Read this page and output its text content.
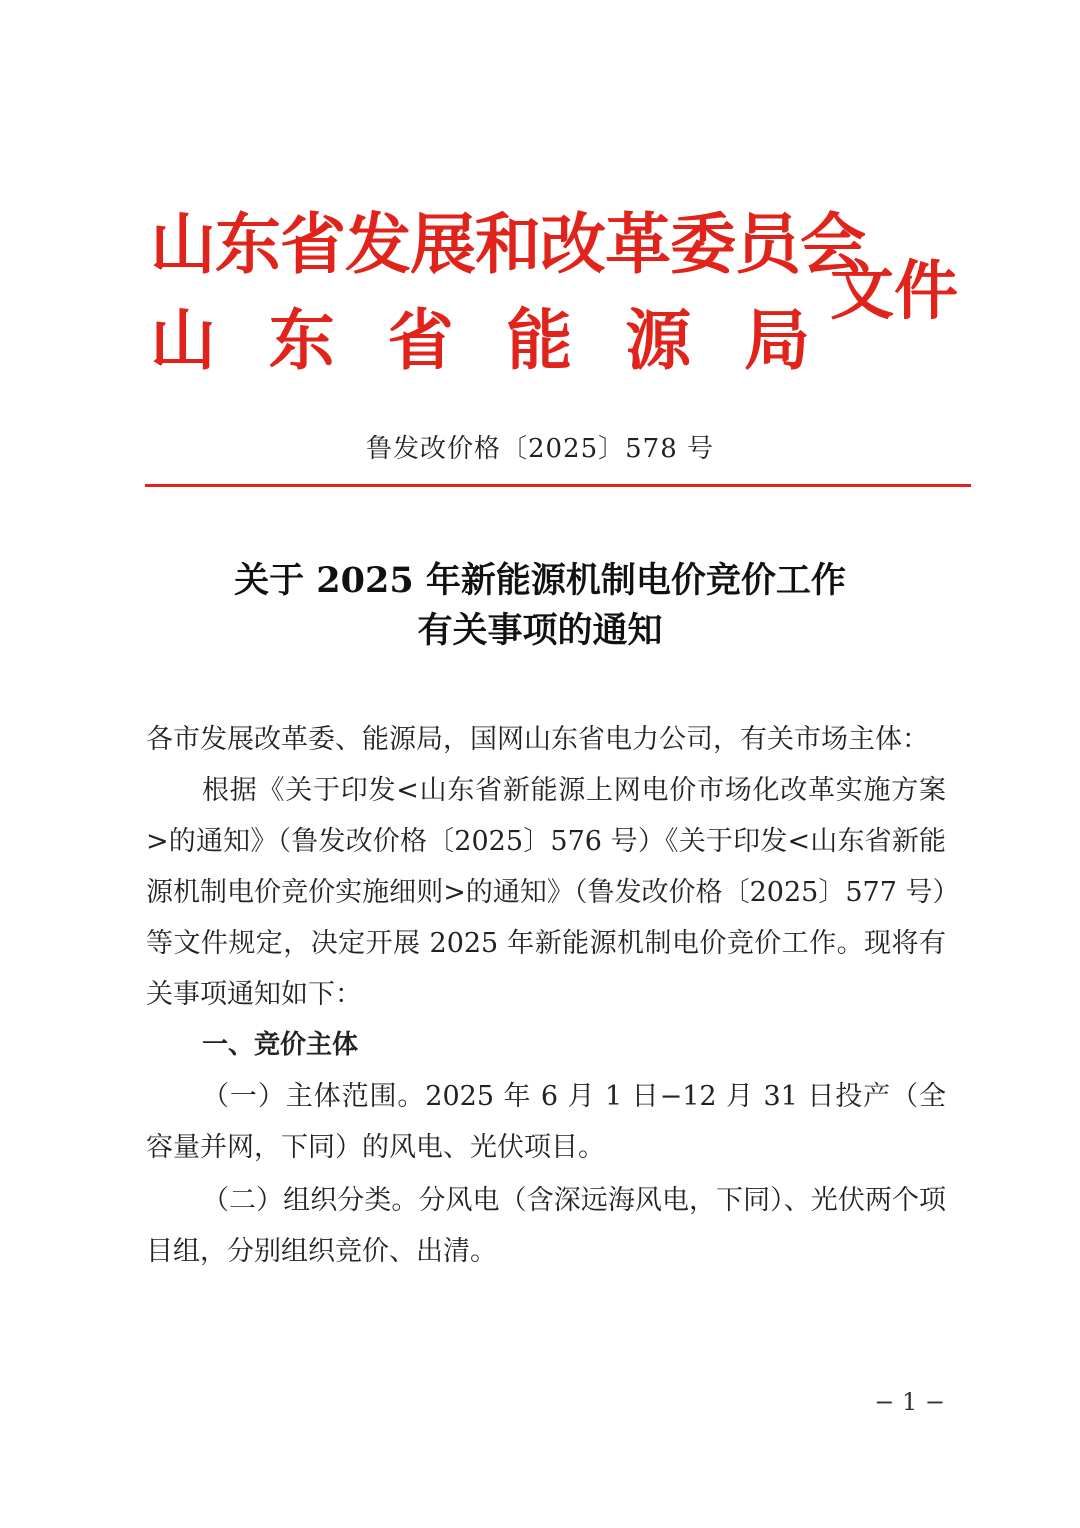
山东省发展和改革委员会
山 东 省 能 源 局
文件
鲁发改价格〔2025〕578 号
关于 2025 年新能源机制电价竞价工作
有关事项的通知

各市发展改革委、能源局，国网山东省电力公司，有关市场主体：

根据《关于印发<山东省新能源上网电价市场化改革实施方案>的通知》（鲁发改价格〔2025〕576 号）《关于印发<山东省新能源机制电价竞价实施细则>的通知》（鲁发改价格〔2025〕577 号）等文件规定，决定开展 2025 年新能源机制电价竞价工作。现将有关事项通知如下：

一、竞价主体

（一）主体范围。2025 年 6 月 1 日−12 月 31 日投产（全容量并网，下同）的风电、光伏项目。

（二）组织分类。分风电（含深远海风电，下同）、光伏两个项目组，分别组织竞价、出清。

− 1 −
